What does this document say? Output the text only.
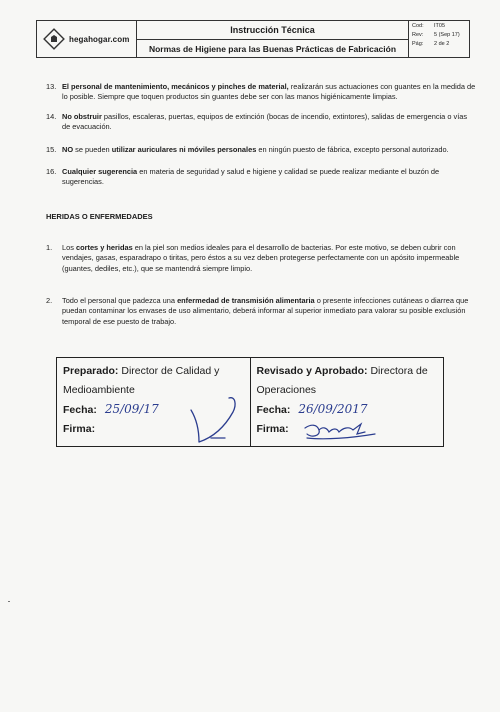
hegahogar.com
Instrucción Técnica
Normas de Higiene para las Buenas Prácticas de Fabricación
Cod:	IT05
Rev:	5 (Sep 17)
Pág:	2 de 2
13. El personal de mantenimiento, mecánicos y pinches de material, realizarán sus actuaciones con guantes en la medida de lo posible. Siempre que toquen productos sin guantes debe ser con las manos higiénicamente limpias.
14. No obstruir pasillos, escaleras, puertas, equipos de extinción (bocas de incendio, extintores), salidas de emergencia o vías de evacuación.
15. NO se pueden utilizar auriculares ni móviles personales en ningún puesto de fábrica, excepto personal autorizado.
16. Cualquier sugerencia en materia de seguridad y salud e higiene y calidad se puede realizar mediante el buzón de sugerencias.
HERIDAS O ENFERMEDADES
1.	Los cortes y heridas en la piel son medios ideales para el desarrollo de bacterias. Por este motivo, se deben cubrir con vendajes, gasas, esparadrapo o tiritas, pero éstos a su vez deben protegerse perfectamente con un apósito impermeable (guantes, dediles, etc.), que se mantendrá siempre limpio.
2.	Todo el personal que padezca una enfermedad de transmisión alimentaria o presente infecciones cutáneas o diarrea que puedan contaminar los envases de uso alimentario, deberá informar al superior inmediato para valorar su posible exclusión temporal de ese puesto de trabajo.
Preparado: Director de Calidad y Medioambiente
Fecha: 25/09/17
Firma:
Revisado y Aprobado: Directora de Operaciones
Fecha: 26/09/2017
Firma:
